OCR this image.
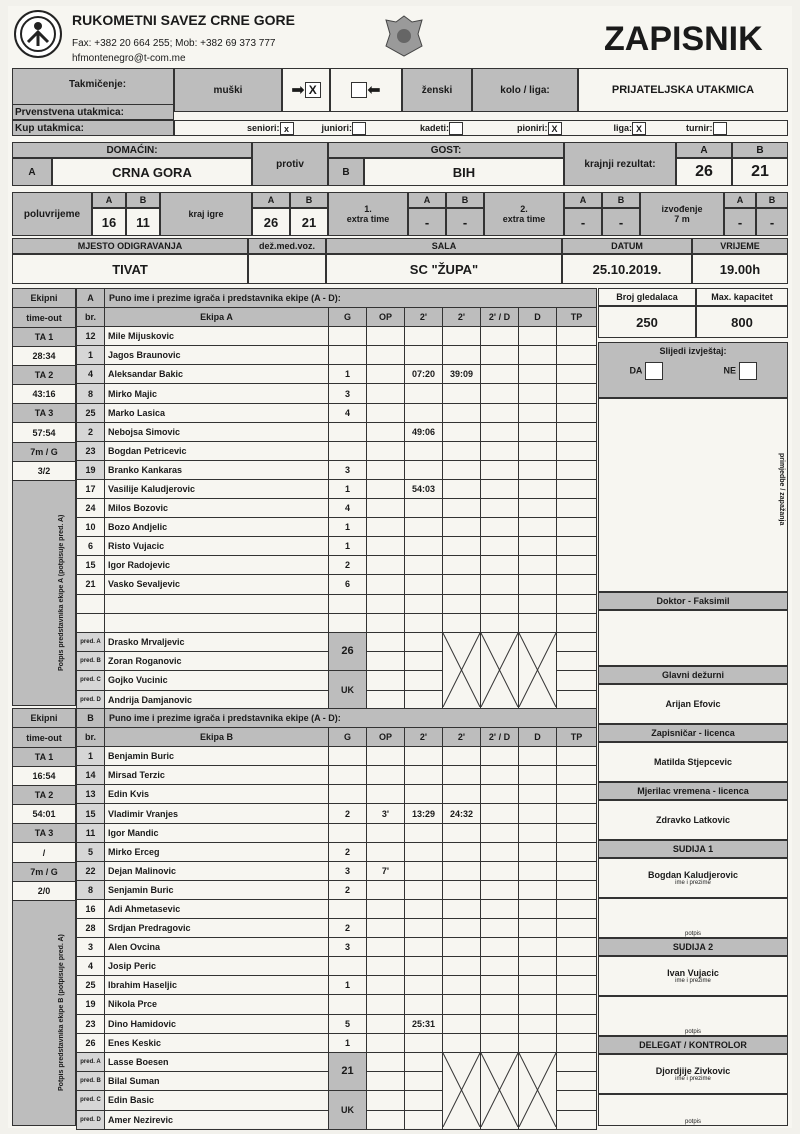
RUKOMETNI SAVEZ CRNE GORE
Fax: +382 20 664 255; Mob: +382 69 373 777
hfmontenegro@t-com.me
ZAPISNIK
Takmičenje:	muški	➡ X	⬅	ženski	kolo / liga:	PRIJATELJSKA UTAKMICA
Prvenstvena utakmica:
Kup utakmica:	seniori: x	juniori:	kadeti:	pioniri: X	liga: X	turnir:
DOMAĆIN:
A	CRNA GORA
protiv
GOST:
B	BIH
krajnji rezultat:
A	B
26 21
poluvrijeme
A	B
16 11
kraj igre
A	B
26 21
1.
extra time
A	B
-	-
2.
extra time
A	B
-	-
izvođenje
7 m
A	B
- -
MJESTO ODIGRAVANJA	dež.med.voz.	SALA	DATUM	VRIJEME
TIVAT	SC "ŽUPA"	25.10.2019.	19.00h
Ekipni
time-out
TA 1
28:34
TA 2
43:16
TA 3
57:54
7m / G
3/2
Potpis predstavnika ekipe A (potpisuje pred. A)
A	Puno ime i prezime igrača i predstavnika ekipe (A - D):								
br.	Ekipa A	G	OP	2'	2'	2' / D	D	TP	
12	Mile Mijuskovic								
1	Jagos Braunovic								
4	Aleksandar Bakic	1		07:20	39:09				
8	Mirko Majic	3							
25	Marko Lasica	4							
2	Nebojsa Simovic			49:06					
23	Bogdan Petricevic								
19	Branko Kankaras	3							
17	Vasilije Kaludjerovic	1		54:03					
24	Milos Bozovic	4							
10	Bozo Andjelic	1							
6	Risto Vujacic	1							
15	Igor Radojevic	2							
21	Vasko Sevaljevic	6							

pred. A	Drasko Mrvaljevic	26							
pred. B	Zoran Roganovic								
pred. C	Gojko Vucinic	UK							
pred. D	Andrija Damjanovic								
Ekipni
time-out
TA 1
16:54
TA 2
54:01
TA 3
/
7m / G
2/0
Potpis predstavnika ekipe B (potpisuje pred. A)
B	Puno ime i prezime igrača i predstavnika ekipe (A - D):								
br.	Ekipa B	G	OP	2'	2'	2' / D	D	TP	
1	Benjamin Buric								
14	Mirsad Terzic								
13	Edin Kvis								
15	Vladimir Vranjes	2	3'	13:29	24:32				
11	Igor Mandic								
5	Mirko Erceg	2							
22	Dejan Malinovic	3	7'						
8	Senjamin Buric	2							
16	Adi Ahmetasevic								
28	Srdjan Predragovic	2							
3	Alen Ovcina	3							
4	Josip Peric								
25	Ibrahim Haseljic	1							
19	Nikola Prce								
23	Dino Hamidovic	5		25:31					
26	Enes Keskic	1							
pred. A	Lasse Boesen	21							
pred. B	Bilal Suman								
pred. C	Edin Basic	UK							
pred. D	Amer Nezirevic								
Broj gledalaca	Max. kapacitet
250	800
Slijedi izvještaj:
DA	NE
primjedbe / zapažanja
Doktor - Faksimil
Glavni dežurni
Arijan Efovic
Zapisničar - licenca
Matilda Stjepcevic
Mjerilac vremena - licenca
Zdravko Latkovic
SUDIJA 1
Bogdan Kaludjerovic
ime i prezime
potpis
SUDIJA 2
Ivan Vujacic
ime i prezime
potpis
DELEGAT / KONTROLOR
Djordjije Zivkovic
ime i prezime
potpis
